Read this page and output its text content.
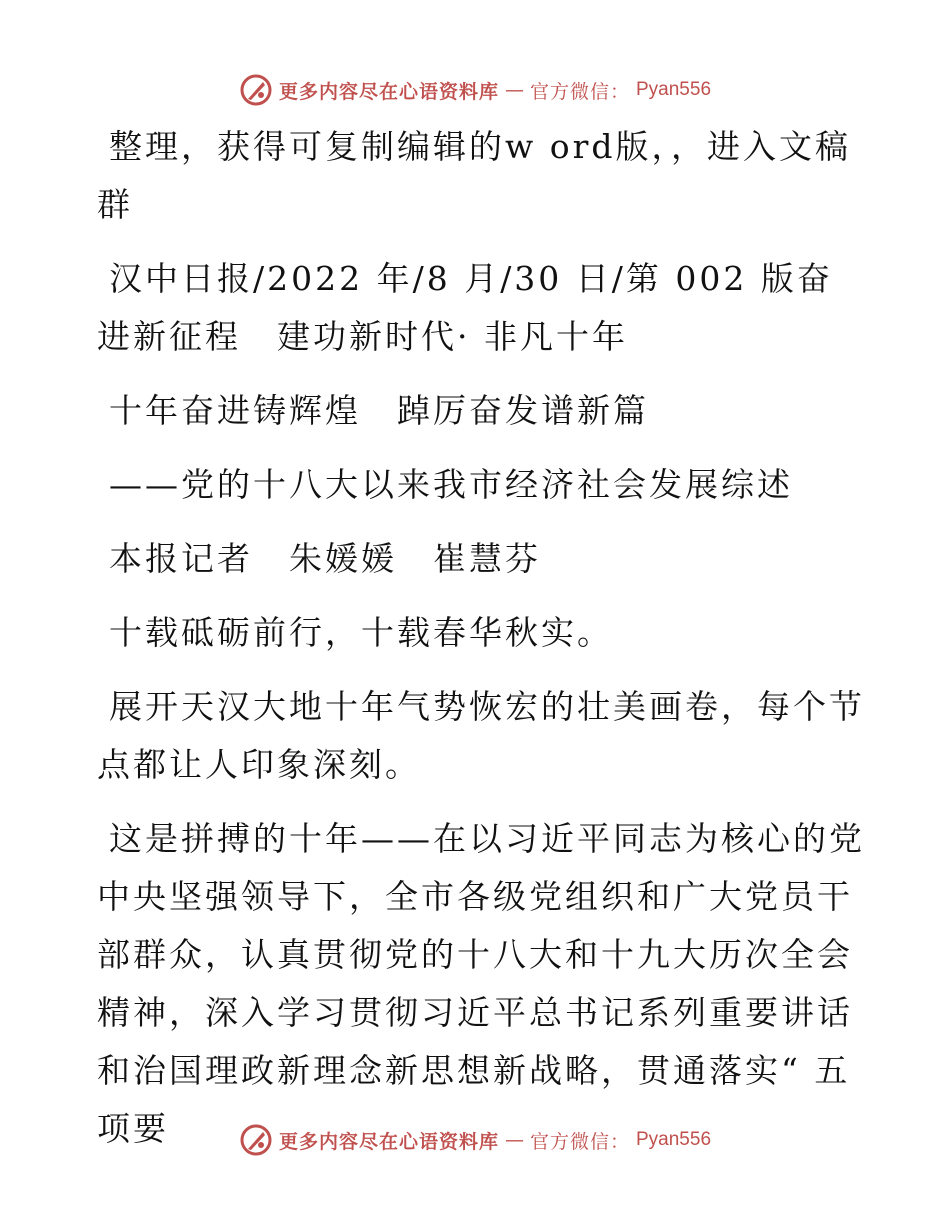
更多内容尽在心语资料库 — 官方微信： Pyan556

整理，获得可复制编辑的w ord版，，进入文稿群

汉中日报/2022 年/8 月/30 日/第 002 版奋进新征程　建功新时代· 非凡十年

十年奋进铸辉煌　踔厉奋发谱新篇

——党的十八大以来我市经济社会发展综述

本报记者　朱媛媛　崔慧芬

十载砥砺前行，十载春华秋实。

展开天汉大地十年气势恢宏的壮美画卷，每个节点都让人印象深刻。

这是拼搏的十年——在以习近平同志为核心的党中央坚强领导下，全市各级党组织和广大党员干部群众，认真贯彻党的十八大和十九大历次全会精神，深入学习贯彻习近平总书记系列重要讲话和治国理政新理念新思想新战略，贯通落实“ 五项要	更多内容尽在心语资料库 — 官方微信： Pyan556
